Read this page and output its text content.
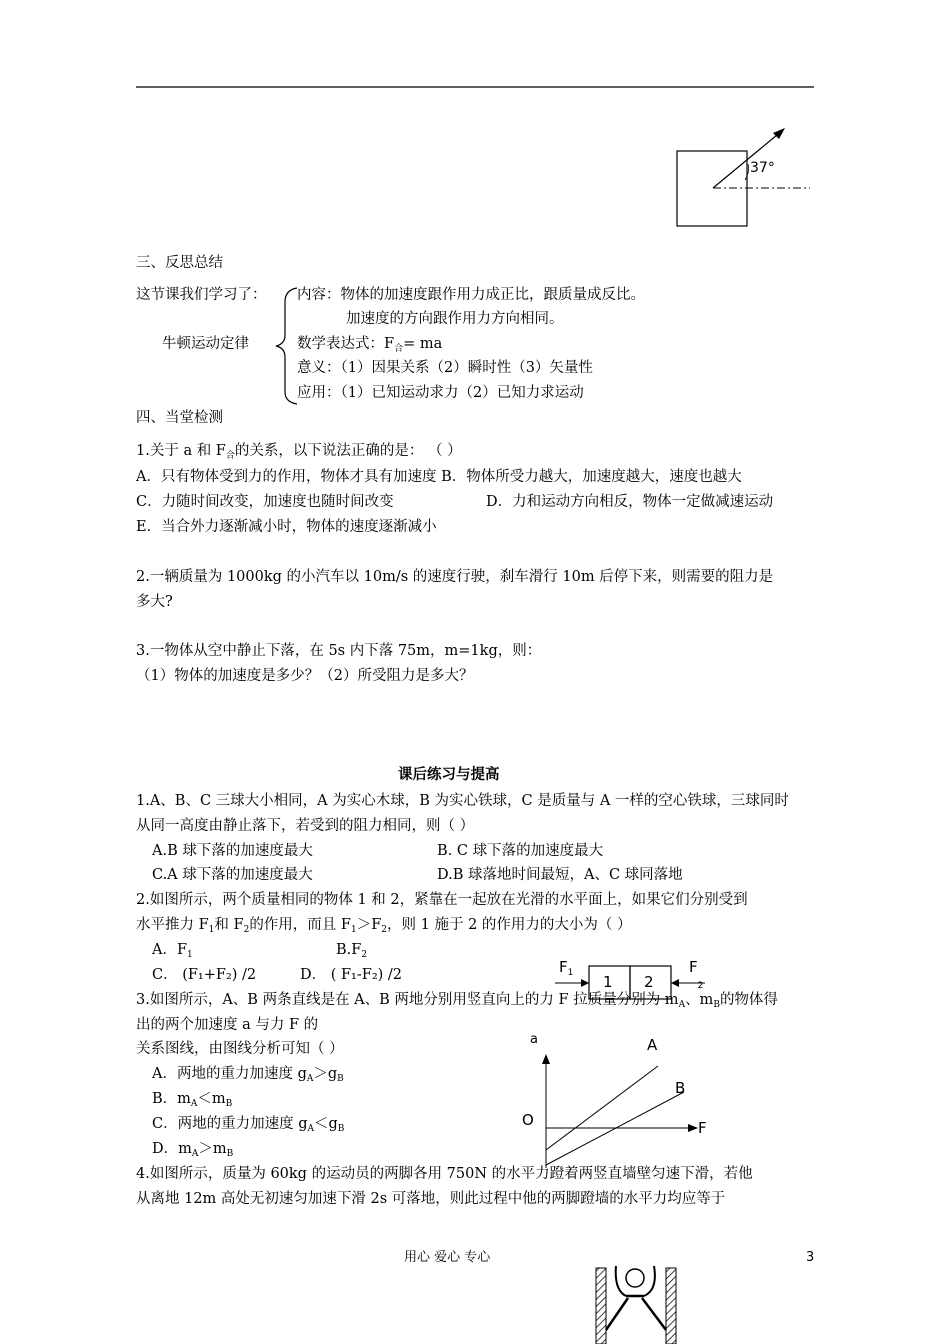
37°
三、反思总结
这节课我们学习了：
牛顿运动定律
内容：物体的加速度跟作用力成正比，跟质量成反比。
加速度的方向跟作用力方向相同。
数学表达式：$F_合=$ ma
意义：（1）因果关系（2）瞬时性（3）矢量性
应用：（1）已知运动求力（2）已知力求运动
四、当堂检测
1.关于 a 和 $F_合$的关系，以下说法正确的是： （ ）
A．只有物体受到力的作用，物体才具有加速度 B．物体所受力越大，加速度越大，速度也越大
C．力随时间改变，加速度也随时间改变	D．力和运动方向相反，物体一定做减速运动
E．当合外力逐渐减小时，物体的速度逐渐减小
2.一辆质量为 1000kg 的小汽车以 10m/s 的速度行驶，刹车滑行 10m 后停下来，则需要的阻力是
多大?
3.一物体从空中静止下落，在 5s 内下落 75m，m=1kg，则：
（1）物体的加速度是多少？（2）所受阻力是多大？
课后练习与提高
1.A、B、C 三球大小相同，A 为实心木球，B 为实心铁球，C 是质量与 A 一样的空心铁球，三球同时
从同一高度由静止落下，若受到的阻力相同，则（ ）
A.B 球下落的加速度最大	B. C 球下落的加速度最大
C.A 球下落的加速度最大	D.B 球落地时间最短，A、C 球同落地
2.如图所示，两个质量相同的物体 1 和 2，紧靠在一起放在光滑的水平面上，如果它们分别受到
水平推力 $F_1$和 $F_2$的作用，而且 $F_1>F_2$，则 1 施于 2 的作用力的大小为（ ）
A．$F_1$	$B.F_2$
C． (F₁+F₂) /2	D． ( F₁-F₂) /2	$F_1$ 1 2
$F_2$
3.如图所示，A、B 两条直线是在 A、B 两地分别用竖直向上的力 F 拉质量分别为 $m_A$、$m_B$的物体得
出的两个加速度 a 与力 F 的
关系图线，由图线分析可知（ ）
A．两地的重力加速度 $g_A>g_B$
B．$m_A<m_B$
C．两地的重力加速度 $g_A<g_B$
D．$m_A>m_B$
a
O	F
A
B
4.如图所示，质量为 60kg 的运动员的两脚各用 750N 的水平力蹬着两竖直墙壁匀速下滑，若他
从离地 12m 高处无初速匀加速下滑 2s 可落地，则此过程中他的两脚蹬墙的水平力均应等于
用心 爱心 专心	3
